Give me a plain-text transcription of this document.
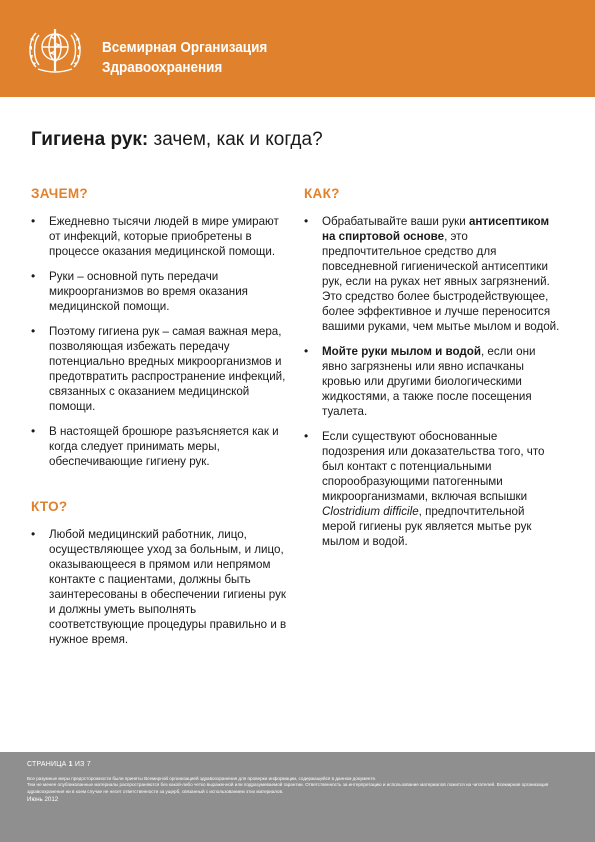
Всемирная Организация
Здравоохранения
Гигиена рук: зачем, как и когда?
ЗАЧЕМ?
• Ежедневно тысячи людей в мире умирают от инфекций, которые приобретены в процессе оказания медицинской помощи.
• Руки – основной путь передачи микроорганизмов во время оказания медицинской помощи.
• Поэтому гигиена рук – самая важная мера, позволяющая избежать передачу потенциально вредных микроорганизмов и предотвратить распространение инфекций, связанных с оказанием медицинской помощи.
• В настоящей брошюре разъясняется как и когда следует принимать меры, обеспечивающие гигиену рук.
КТО?
• Любой медицинский работник, лицо, осуществляющее уход за больным, и лицо, оказывающееся в прямом или непрямом контакте с пациентами, должны быть заинтересованы в обеспечении гигиены рук и должны уметь выполнять соответствующие процедуры правильно и в нужное время.
КАК?
• Обрабатывайте ваши руки антисептиком на спиртовой основе, это предпочтительное средство для повседневной гигиенической антисептики рук, если на руках нет явных загрязнений. Это средство более быстродействующее, более эффективное и лучше переносится вашими руками, чем мытье мылом и водой.
• Мойте руки мылом и водой, если они явно загрязнены или явно испачканы кровью или другими биологическими жидкостями, а также после посещения туалета.
• Если существуют обоснованные подозрения или доказательства того, что был контакт с потенциальными спорообразующими патогенными микроорганизмами, включая вспышки Clostridium difficile, предпочтительной мерой гигиены рук является мытье рук мылом и водой.
СТРАНИЦА 1 ИЗ 7
Все разумные меры предосторожности были приняты Всемирной организацией здравоохранения для проверки информации, содержащейся в данном документе.
Тем не менее опубликованные материалы распространяются без какой-либо четко выраженной или подразумеваемой гарантии. Ответственность за интерпретацию и использование материалов ложится на читателей. Всемирная организация здравоохранения ни в коем случае не несет ответственности за ущерб, связанный с использованием этих материалов.
Июнь 2012
